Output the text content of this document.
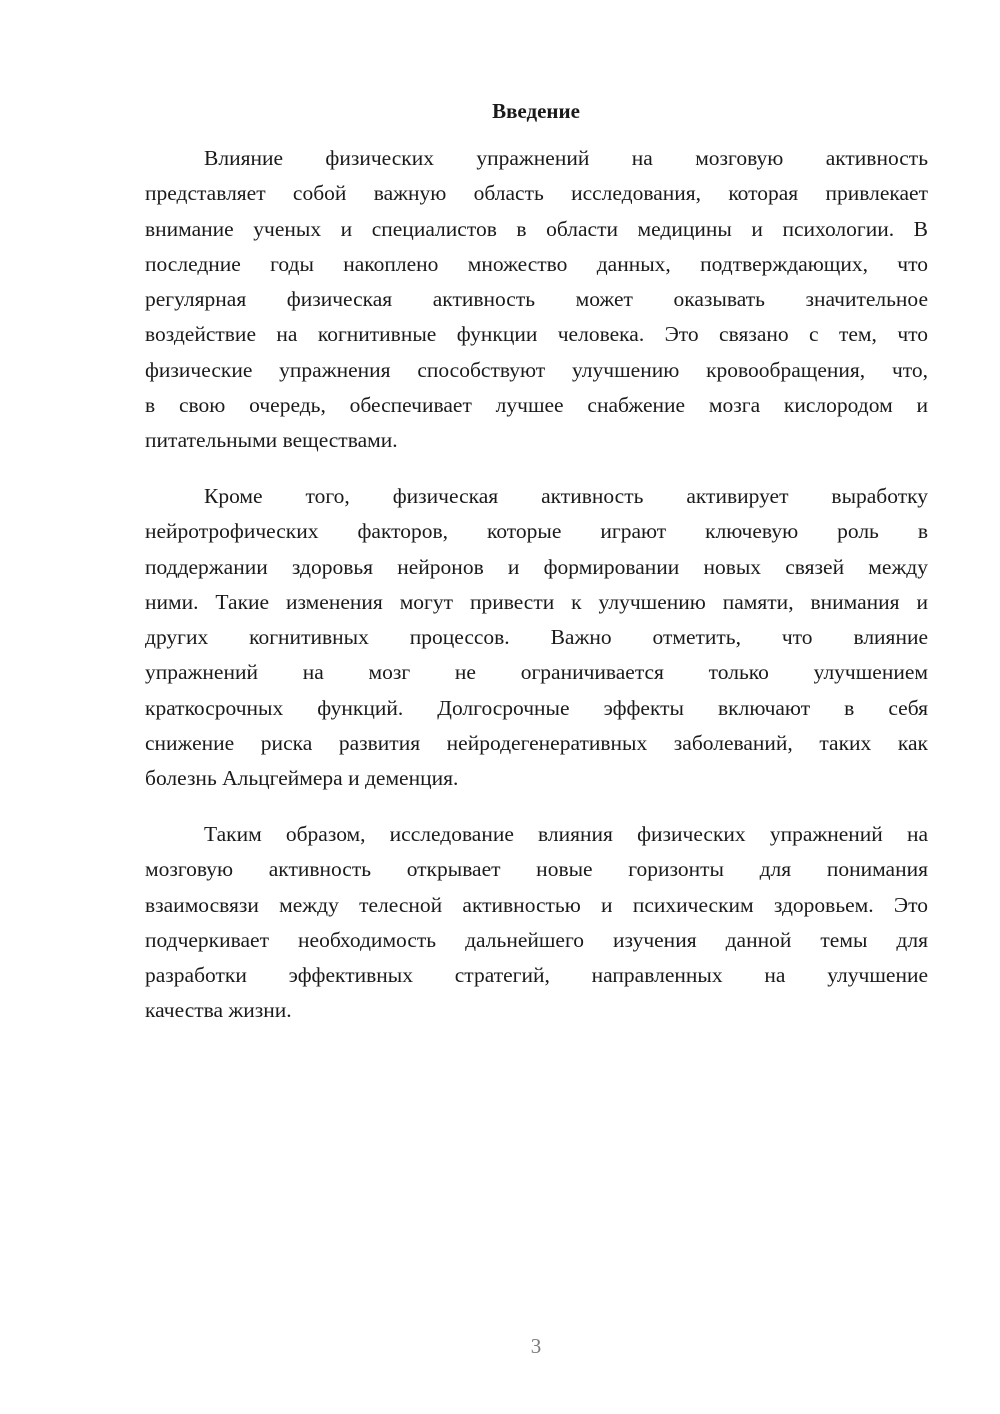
Введение
Влияние физических упражнений на мозговую активность
представляет собой важную область исследования, которая привлекает
внимание ученых и специалистов в области медицины и психологии. В
последние годы накоплено множество данных, подтверждающих, что
регулярная физическая активность может оказывать значительное
воздействие на когнитивные функции человека. Это связано с тем, что
физические упражнения способствуют улучшению кровообращения, что,
в свою очередь, обеспечивает лучшее снабжение мозга кислородом и
питательными веществами.
Кроме того, физическая активность активирует выработку
нейротрофических факторов, которые играют ключевую роль в
поддержании здоровья нейронов и формировании новых связей между
ними. Такие изменения могут привести к улучшению памяти, внимания и
других когнитивных процессов. Важно отметить, что влияние
упражнений на мозг не ограничивается только улучшением
краткосрочных функций. Долгосрочные эффекты включают в себя
снижение риска развития нейродегенеративных заболеваний, таких как
болезнь Альцгеймера и деменция.
Таким образом, исследование влияния физических упражнений на
мозговую активность открывает новые горизонты для понимания
взаимосвязи между телесной активностью и психическим здоровьем. Это
подчеркивает необходимость дальнейшего изучения данной темы для
разработки эффективных стратегий, направленных на улучшение
качества жизни.
3
